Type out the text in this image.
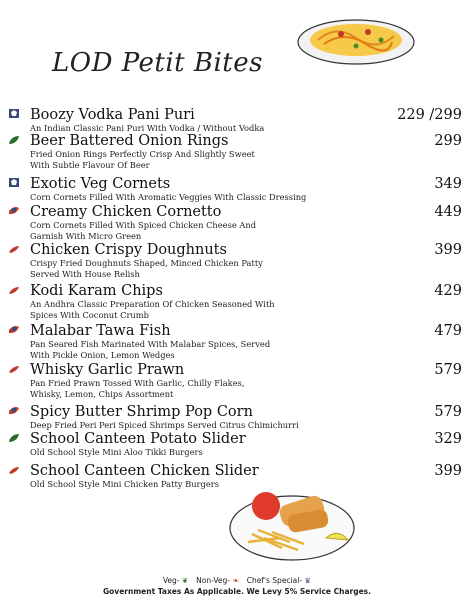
LOD Petit Bites
Boozy Vodka Pani Puri	229 /299
An Indian Classic Pani Puri With Vodka / Without Vodka
Beer Battered Onion Rings	299
Fried Onion Rings Perfectly Crisp And Slightly Sweet
With Subtle Flavour Of Beer
Exotic Veg Cornets	349
Corn Cornets Filled With Aromatic Veggies With Classic Dressing
Creamy Chicken Cornetto	449
Corn Cornets Filled With Spiced Chicken Cheese And
Garnish With Micro Green
Chicken Crispy Doughnuts	399
Crispy Fried Doughnuts Shaped, Minced Chicken Patty
Served With House Relish
Kodi Karam Chips	429
An Andhra Classic Preparation Of Chicken Seasoned With
Spices With Coconut Crumb
Malabar Tawa Fish	479
Pan Seared Fish Marinated With Malabar Spices, Served
With Pickle Onion, Lemon Wedges
Whisky Garlic Prawn	579
Pan Fried Prawn Tossed With Garlic, Chilly Flakes,
Whisky, Lemon, Chips Assortment
Spicy Butter Shrimp Pop Corn	579
Deep Fried Peri Peri Spiced Shrimps Served Citrus Chimichurri
School Canteen Potato Slider	329
Old School Style Mini Aloo Tikki Burgers
School Canteen Chicken Slider	399
Old School Style Mini Chicken Patty Burgers
Veg- ❦ Non-Veg- ❧ Chef's Special- ♛
Government Taxes As Applicable. We Levy 5% Service Charges.
